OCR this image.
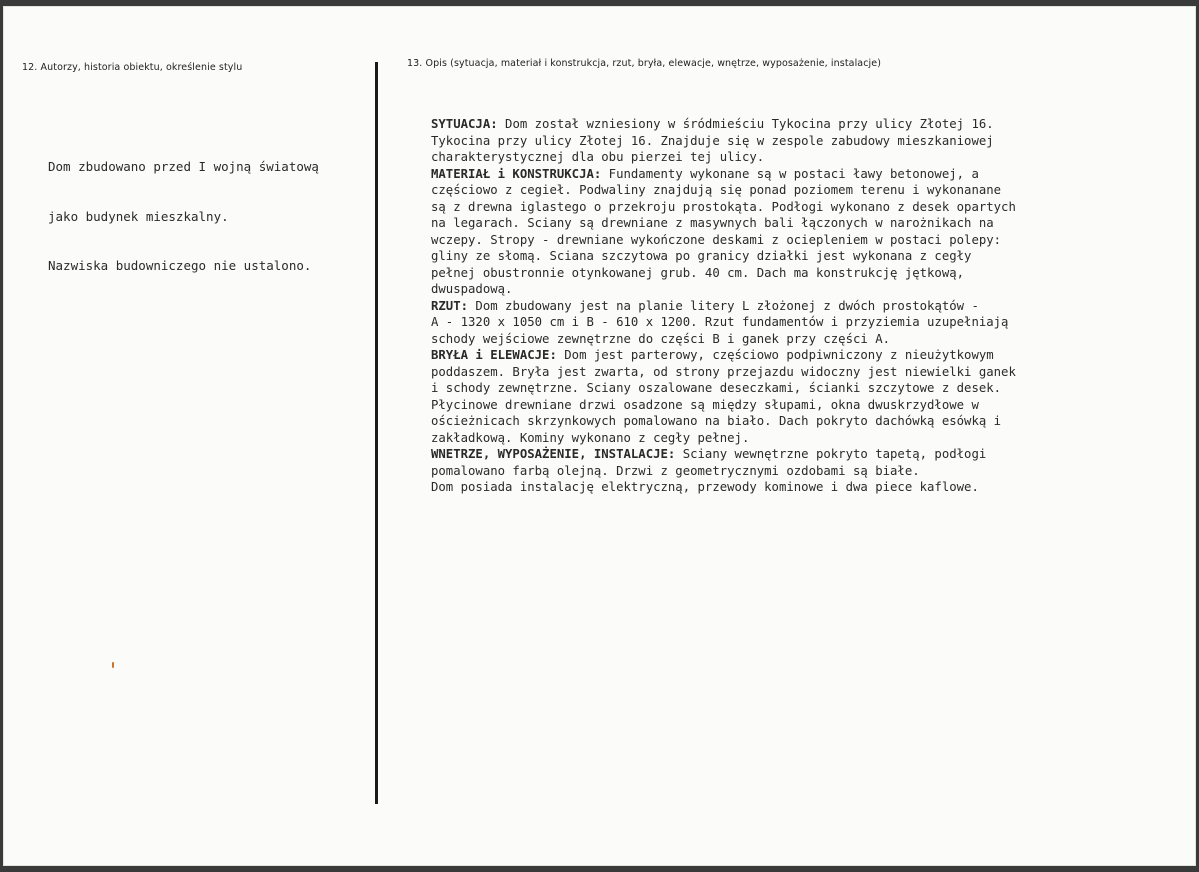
12. Autorzy, historia obiektu, określenie stylu	13. Opis (sytuacja, materiał i konstrukcja, rzut, bryła, elewacje, wnętrze, wyposażenie, instalacje)

Dom zbudowano przed I wojną światową

jako budynek mieszkalny.

Nazwiska budowniczego nie ustalono.

SYTUACJA: Dom został wzniesiony w śródmieściu Tykocina przy ulicy Złotej 16.
Tykocina przy ulicy Złotej 16. Znajduje się w zespole zabudowy mieszkaniowej
charakterystycznej dla obu pierzei tej ulicy.
MATERIAŁ i KONSTRUKCJA: Fundamenty wykonane są w postaci ławy betonowej, a
częściowo z cegieł. Podwaliny znajdują się ponad poziomem terenu i wykonanane
są z drewna iglastego o przekroju prostokąta. Podłogi wykonano z desek opartych
na legarach. Sciany są drewniane z masywnych bali łączonych w narożnikach na
wczepy. Stropy - drewniane wykończone deskami z ociepleniem w postaci polepy:
gliny ze słomą. Sciana szczytowa po granicy działki jest wykonana z cegły
pełnej obustronnie otynkowanej grub. 40 cm. Dach ma konstrukcję jętkową,
dwuspadową.
RZUT: Dom zbudowany jest na planie litery L złożonej z dwóch prostokątów -
A - 1320 x 1050 cm i B - 610 x 1200. Rzut fundamentów i przyziemia uzupełniają
schody wejściowe zewnętrzne do części B i ganek przy części A.
BRYŁA i ELEWACJE: Dom jest parterowy, częściowo podpiwniczony z nieużytkowym
poddaszem. Bryła jest zwarta, od strony przejazdu widoczny jest niewielki ganek
i schody zewnętrzne. Sciany oszalowane deseczkami, ścianki szczytowe z desek.
Płycinowe drewniane drzwi osadzone są między słupami, okna dwuskrzydłowe w
ościeżnicach skrzynkowych pomalowano na biało. Dach pokryto dachówką esówką i
zakładkową. Kominy wykonano z cegły pełnej.
WNETRZE, WYPOSAŻENIE, INSTALACJE: Sciany wewnętrzne pokryto tapetą, podłogi
pomalowano farbą olejną. Drzwi z geometrycznymi ozdobami są białe.
Dom posiada instalację elektryczną, przewody kominowe i dwa piece kaflowe.
